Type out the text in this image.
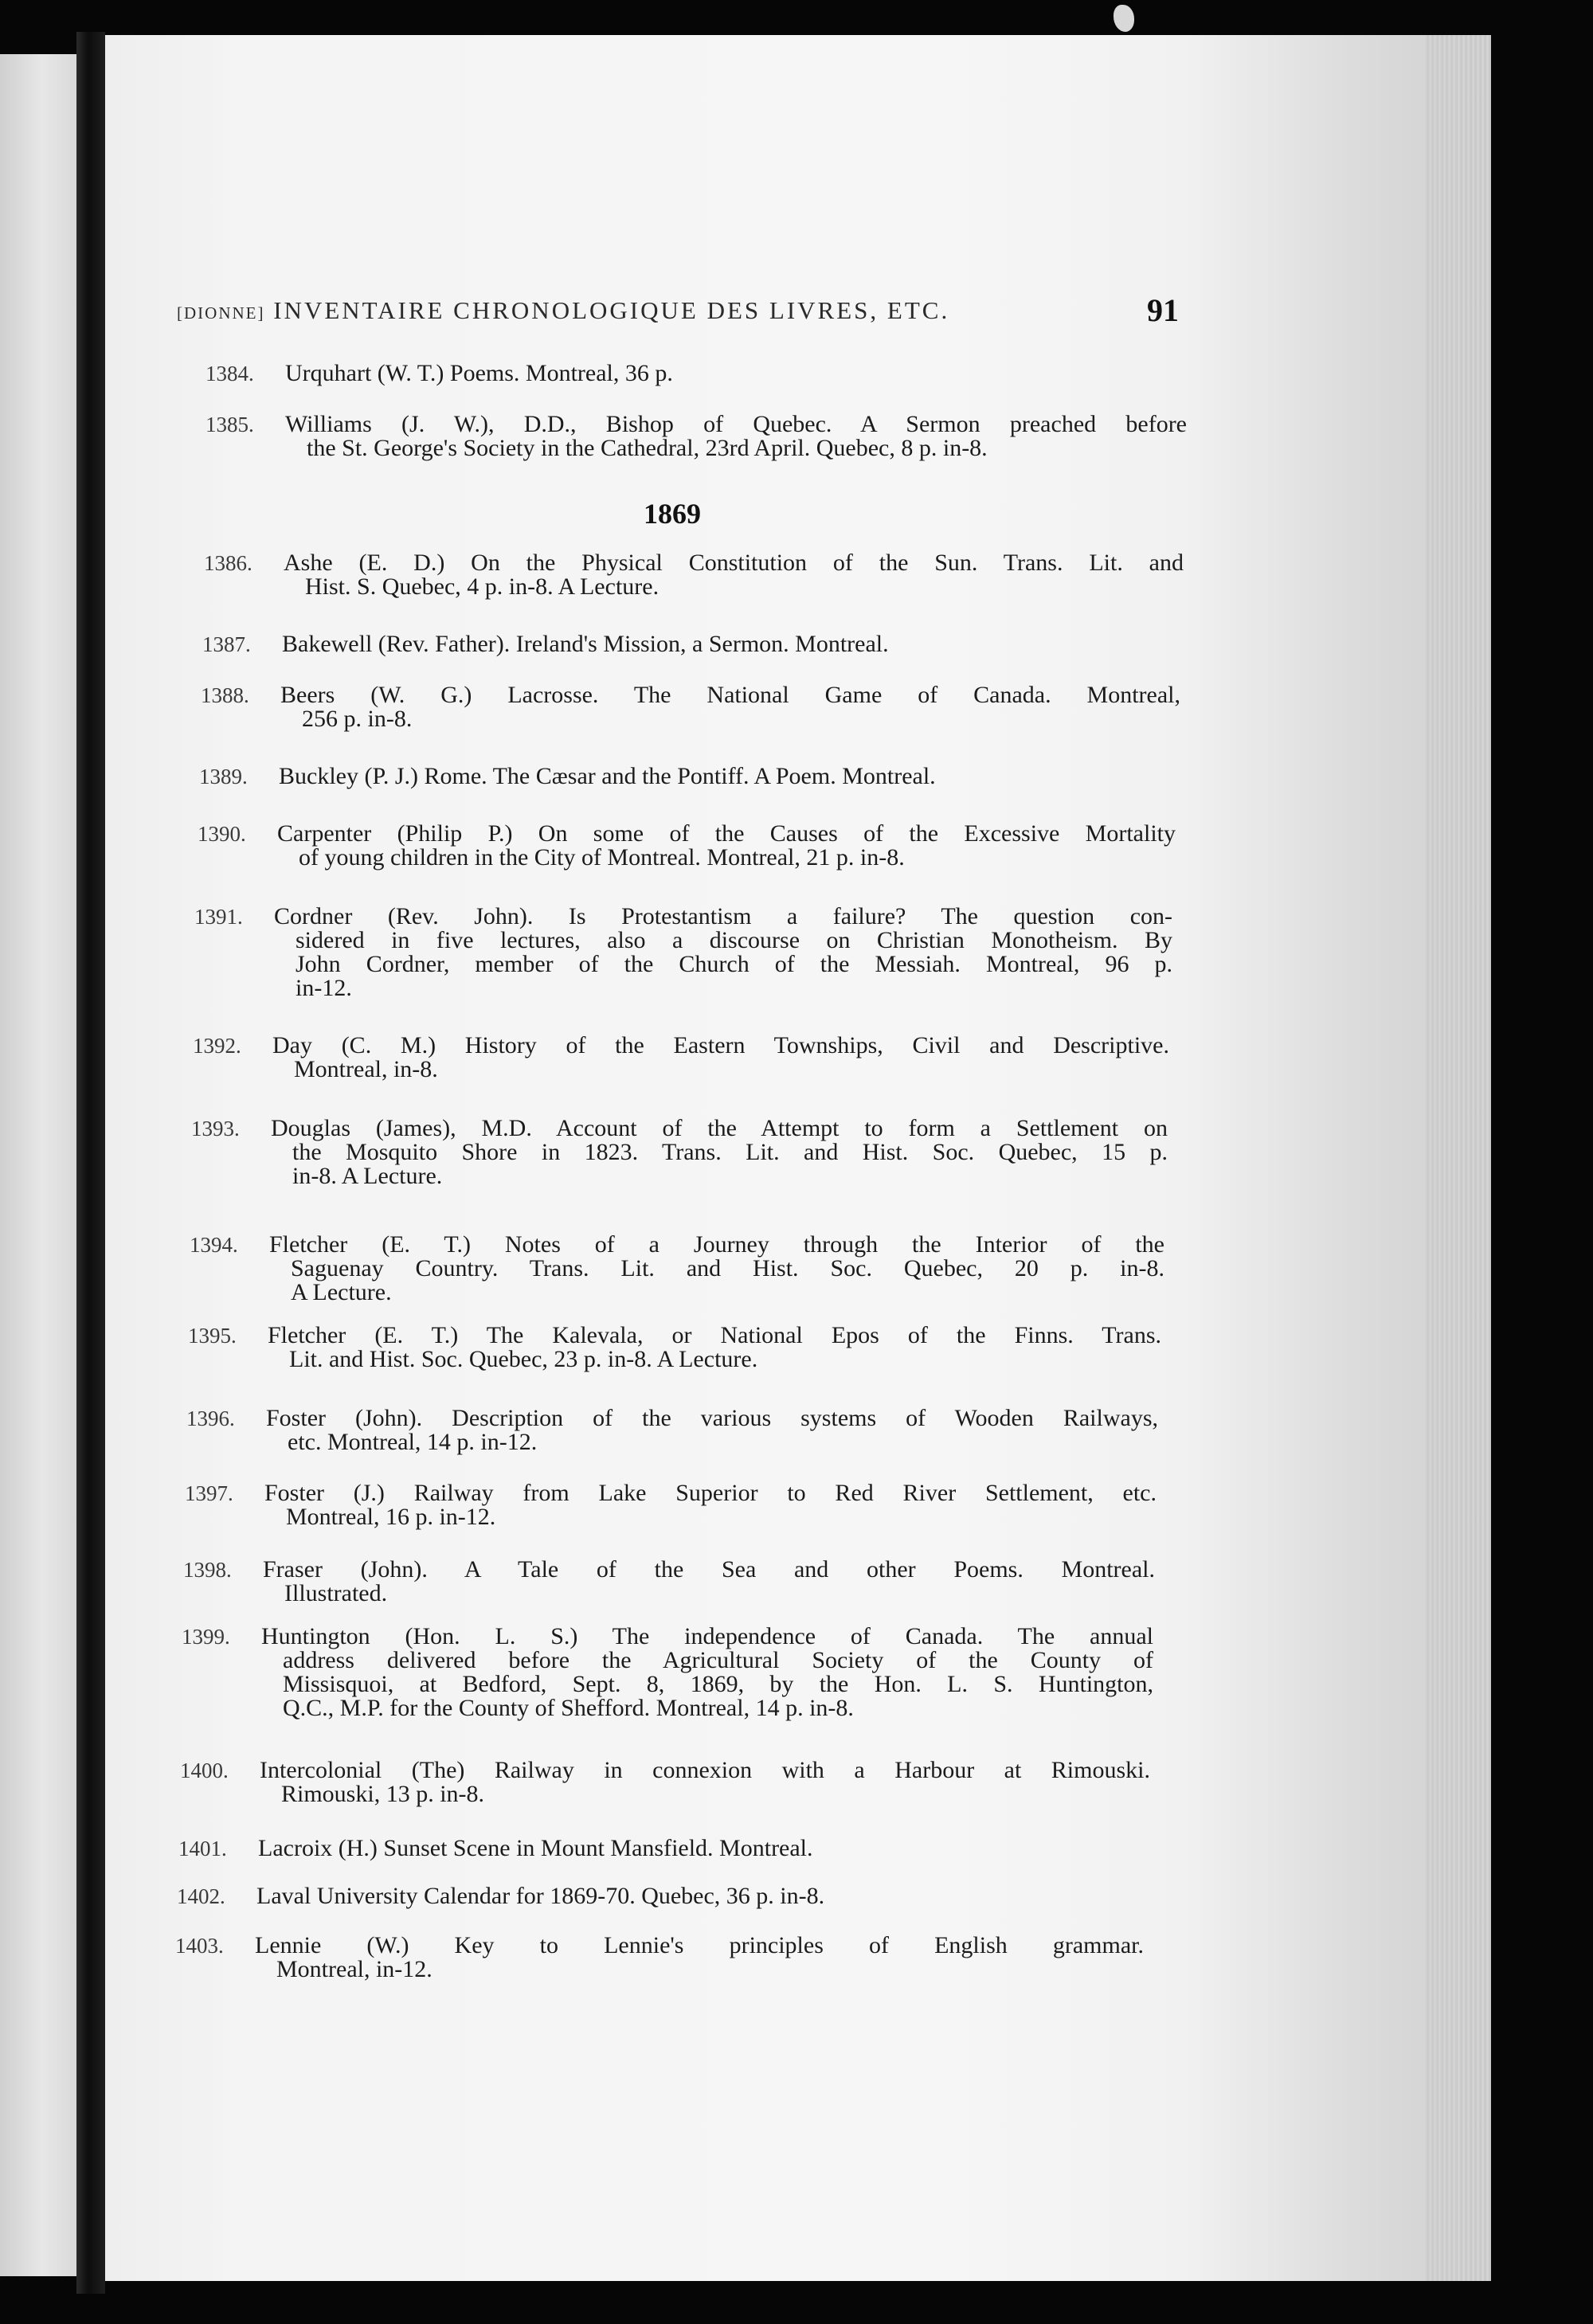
[DIONNE] INVENTAIRE CHRONOLOGIQUE DES LIVRES, ETC.	91
1869
1384.	Urquhart (W. T.) Poems. Montreal, 36 p.
1385.	Williams (J. W.), D.D., Bishop of Quebec. A Sermon preached before
the St. George's Society in the Cathedral, 23rd April. Quebec, 8 p. in-8.
1386.	Ashe (E. D.) On the Physical Constitution of the Sun. Trans. Lit. and
Hist. S. Quebec, 4 p. in-8. A Lecture.
1387.	Bakewell (Rev. Father). Ireland's Mission, a Sermon. Montreal.
1388.	Beers (W. G.) Lacrosse. The National Game of Canada. Montreal,
256 p. in-8.
1389.	Buckley (P. J.) Rome. The Cæsar and the Pontiff. A Poem. Montreal.
1390.	Carpenter (Philip P.) On some of the Causes of the Excessive Mortality
of young children in the City of Montreal. Montreal, 21 p. in-8.
1391.	Cordner (Rev. John). Is Protestantism a failure? The question con-
sidered in five lectures, also a discourse on Christian Monotheism. By
John Cordner, member of the Church of the Messiah. Montreal, 96 p.
in-12.
1392.	Day (C. M.) History of the Eastern Townships, Civil and Descriptive.
Montreal, in-8.
1393.	Douglas (James), M.D. Account of the Attempt to form a Settlement on
the Mosquito Shore in 1823. Trans. Lit. and Hist. Soc. Quebec, 15 p.
in-8. A Lecture.
1394.	Fletcher (E. T.) Notes of a Journey through the Interior of the
Saguenay Country. Trans. Lit. and Hist. Soc. Quebec, 20 p. in-8.
A Lecture.
1395.	Fletcher (E. T.) The Kalevala, or National Epos of the Finns. Trans.
Lit. and Hist. Soc. Quebec, 23 p. in-8. A Lecture.
1396.	Foster (John). Description of the various systems of Wooden Railways,
etc. Montreal, 14 p. in-12.
1397.	Foster (J.) Railway from Lake Superior to Red River Settlement, etc.
Montreal, 16 p. in-12.
1398.	Fraser (John). A Tale of the Sea and other Poems. Montreal.
Illustrated.
1399.	Huntington (Hon. L. S.) The independence of Canada. The annual
address delivered before the Agricultural Society of the County of
Missisquoi, at Bedford, Sept. 8, 1869, by the Hon. L. S. Huntington,
Q.C., M.P. for the County of Shefford. Montreal, 14 p. in-8.
1400.	Intercolonial (The) Railway in connexion with a Harbour at Rimouski.
Rimouski, 13 p. in-8.
1401.	Lacroix (H.) Sunset Scene in Mount Mansfield. Montreal.
1402.	Laval University Calendar for 1869-70. Quebec, 36 p. in-8.
1403.	Lennie (W.) Key to Lennie's principles of English grammar.
Montreal, in-12.
